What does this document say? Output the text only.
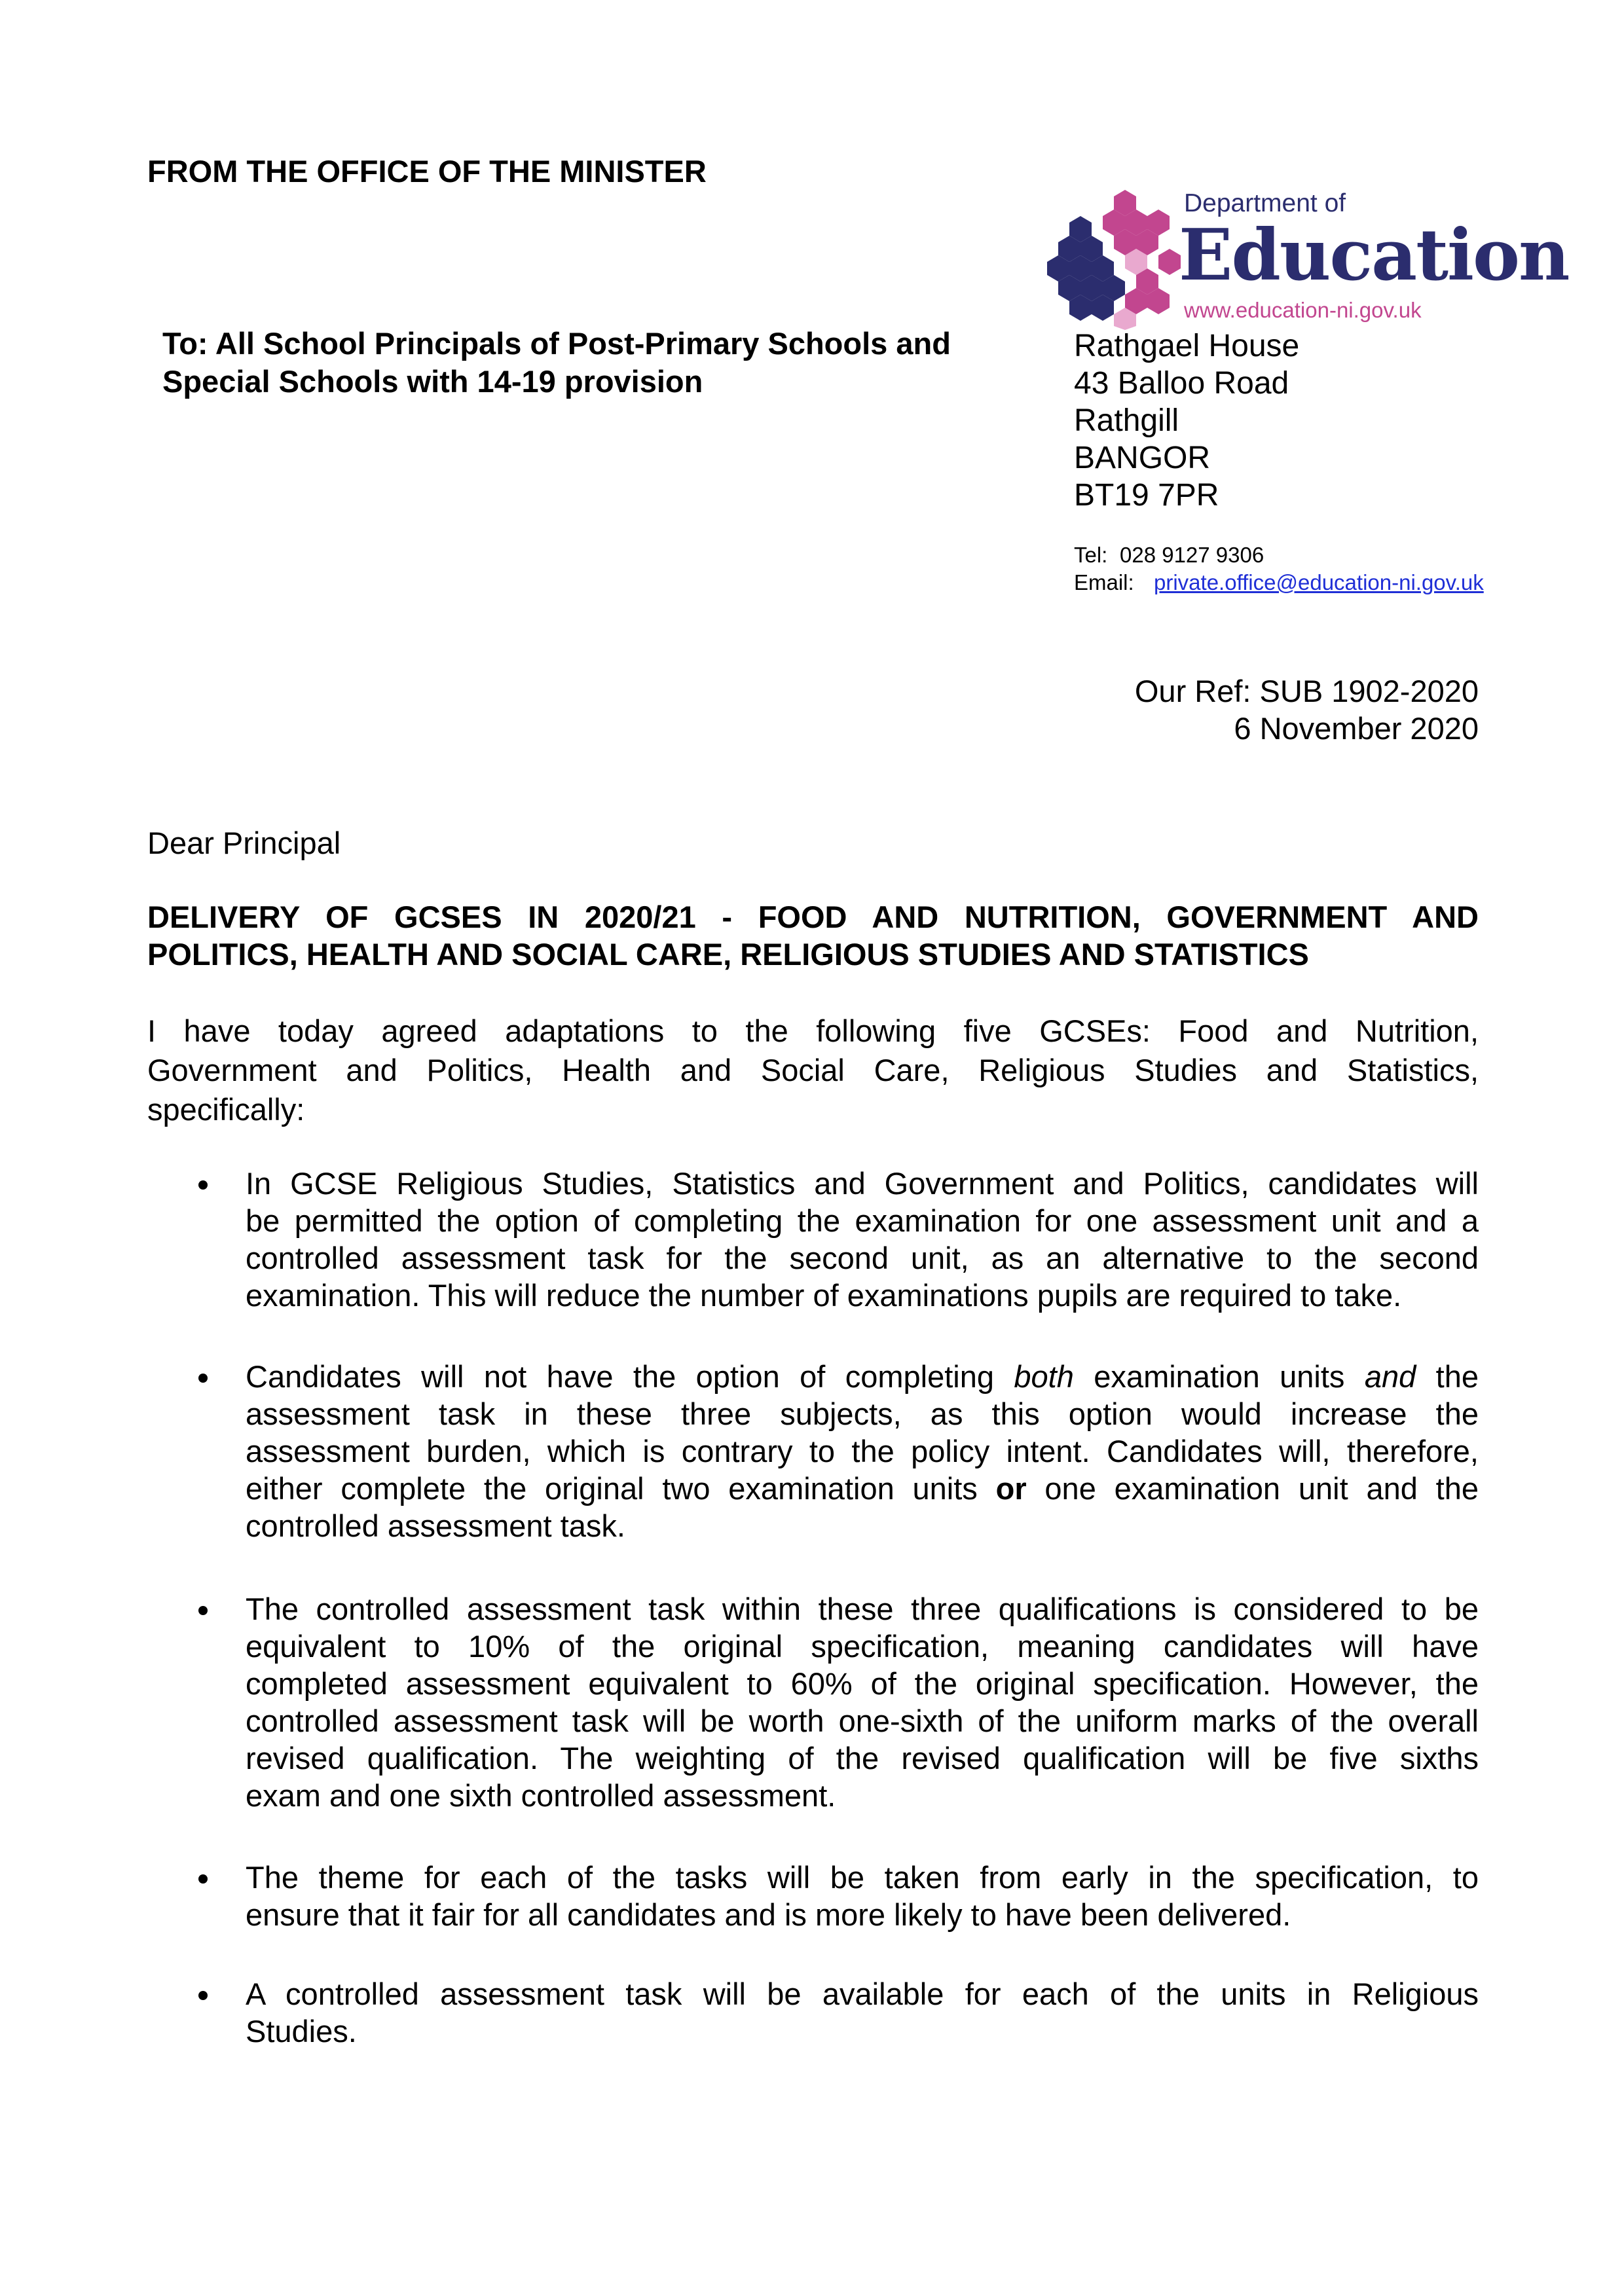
FROM THE OFFICE OF THE MINISTER
Department of
Education
www.education-ni.gov.uk
To: All School Principals of Post-Primary Schools and
Special Schools with 14-19 provision
Rathgael House
43 Balloo Road
Rathgill
BANGOR
BT19 7PR
Tel: 028 9127 9306
Email: private.office@education-ni.gov.uk
Our Ref: SUB 1902-2020
6 November 2020
Dear Principal
DELIVERY OF GCSES IN 2020/21 - FOOD AND NUTRITION, GOVERNMENT AND
POLITICS, HEALTH AND SOCIAL CARE, RELIGIOUS STUDIES AND STATISTICS
I have today agreed adaptations to the following five GCSEs: Food and Nutrition,
Government and Politics, Health and Social Care, Religious Studies and Statistics,
specifically:
In GCSE Religious Studies, Statistics and Government and Politics, candidates will
be permitted the option of completing the examination for one assessment unit and a
controlled assessment task for the second unit, as an alternative to the second
examination. This will reduce the number of examinations pupils are required to take.
Candidates will not have the option of completing both examination units and the
assessment task in these three subjects, as this option would increase the
assessment burden, which is contrary to the policy intent. Candidates will, therefore,
either complete the original two examination units or one examination unit and the
controlled assessment task.
The controlled assessment task within these three qualifications is considered to be
equivalent to 10% of the original specification, meaning candidates will have
completed assessment equivalent to 60% of the original specification. However, the
controlled assessment task will be worth one-sixth of the uniform marks of the overall
revised qualification. The weighting of the revised qualification will be five sixths
exam and one sixth controlled assessment.
The theme for each of the tasks will be taken from early in the specification, to
ensure that it fair for all candidates and is more likely to have been delivered.
A controlled assessment task will be available for each of the units in Religious
Studies.
